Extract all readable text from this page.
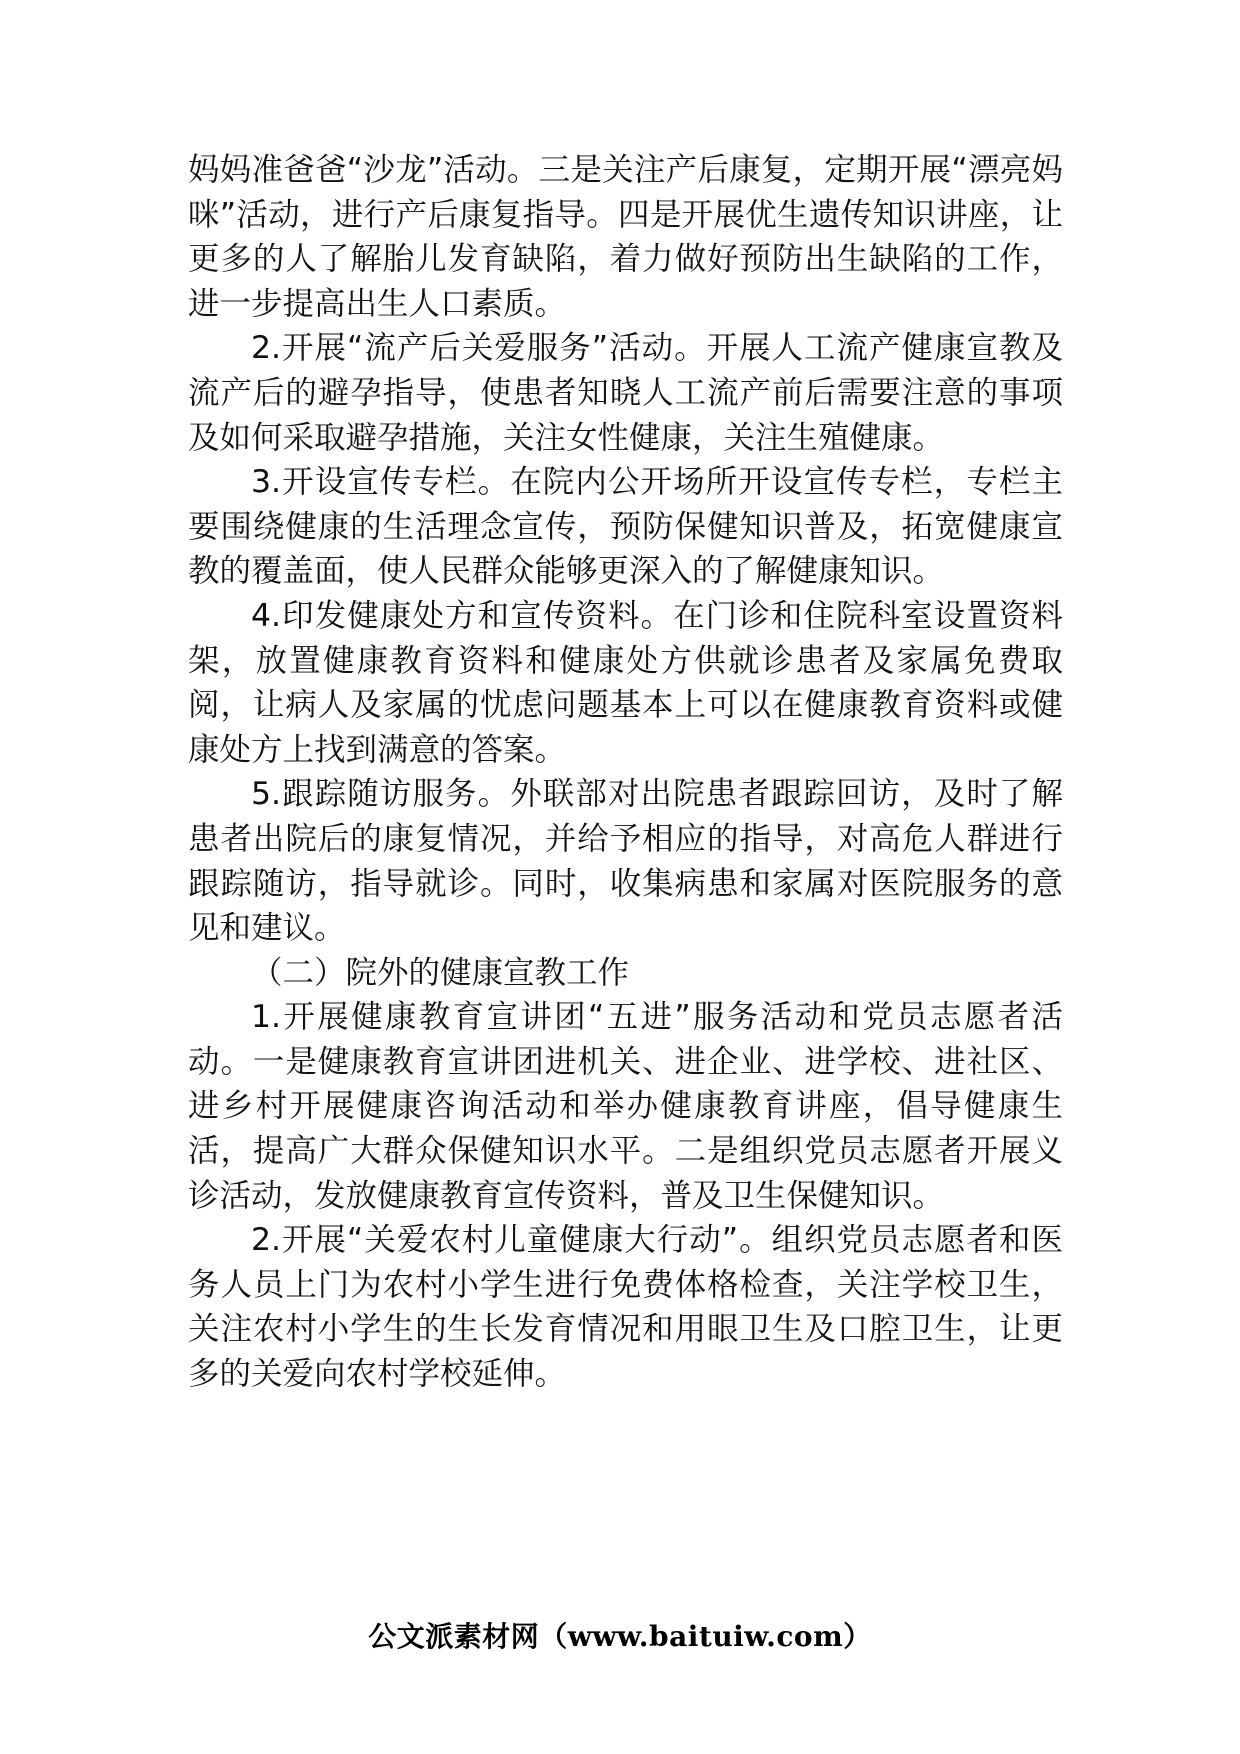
妈妈准爸爸“沙龙”活动。三是关注产后康复，定期开展“漂亮妈咪”活动，进行产后康复指导。四是开展优生遗传知识讲座，让更多的人了解胎儿发育缺陷，着力做好预防出生缺陷的工作，进一步提高出生人口素质。

2.开展“流产后关爱服务”活动。开展人工流产健康宣教及流产后的避孕指导，使患者知晓人工流产前后需要注意的事项及如何采取避孕措施，关注女性健康，关注生殖健康。

3.开设宣传专栏。在院内公开场所开设宣传专栏，专栏主要围绕健康的生活理念宣传，预防保健知识普及，拓宽健康宣教的覆盖面，使人民群众能够更深入的了解健康知识。

4.印发健康处方和宣传资料。在门诊和住院科室设置资料架，放置健康教育资料和健康处方供就诊患者及家属免费取阅，让病人及家属的忧虑问题基本上可以在健康教育资料或健康处方上找到满意的答案。

5.跟踪随访服务。外联部对出院患者跟踪回访，及时了解患者出院后的康复情况，并给予相应的指导，对高危人群进行跟踪随访，指导就诊。同时，收集病患和家属对医院服务的意见和建议。

（二）院外的健康宣教工作

1.开展健康教育宣讲团“五进”服务活动和党员志愿者活动。一是健康教育宣讲团进机关、进企业、进学校、进社区、进乡村开展健康咨询活动和举办健康教育讲座，倡导健康生活，提高广大群众保健知识水平。二是组织党员志愿者开展义诊活动，发放健康教育宣传资料，普及卫生保健知识。

2.开展“关爱农村儿童健康大行动”。组织党员志愿者和医务人员上门为农村小学生进行免费体格检查，关注学校卫生，关注农村小学生的生长发育情况和用眼卫生及口腔卫生，让更多的关爱向农村学校延伸。

公文派素材网（www.baituiw.com）
